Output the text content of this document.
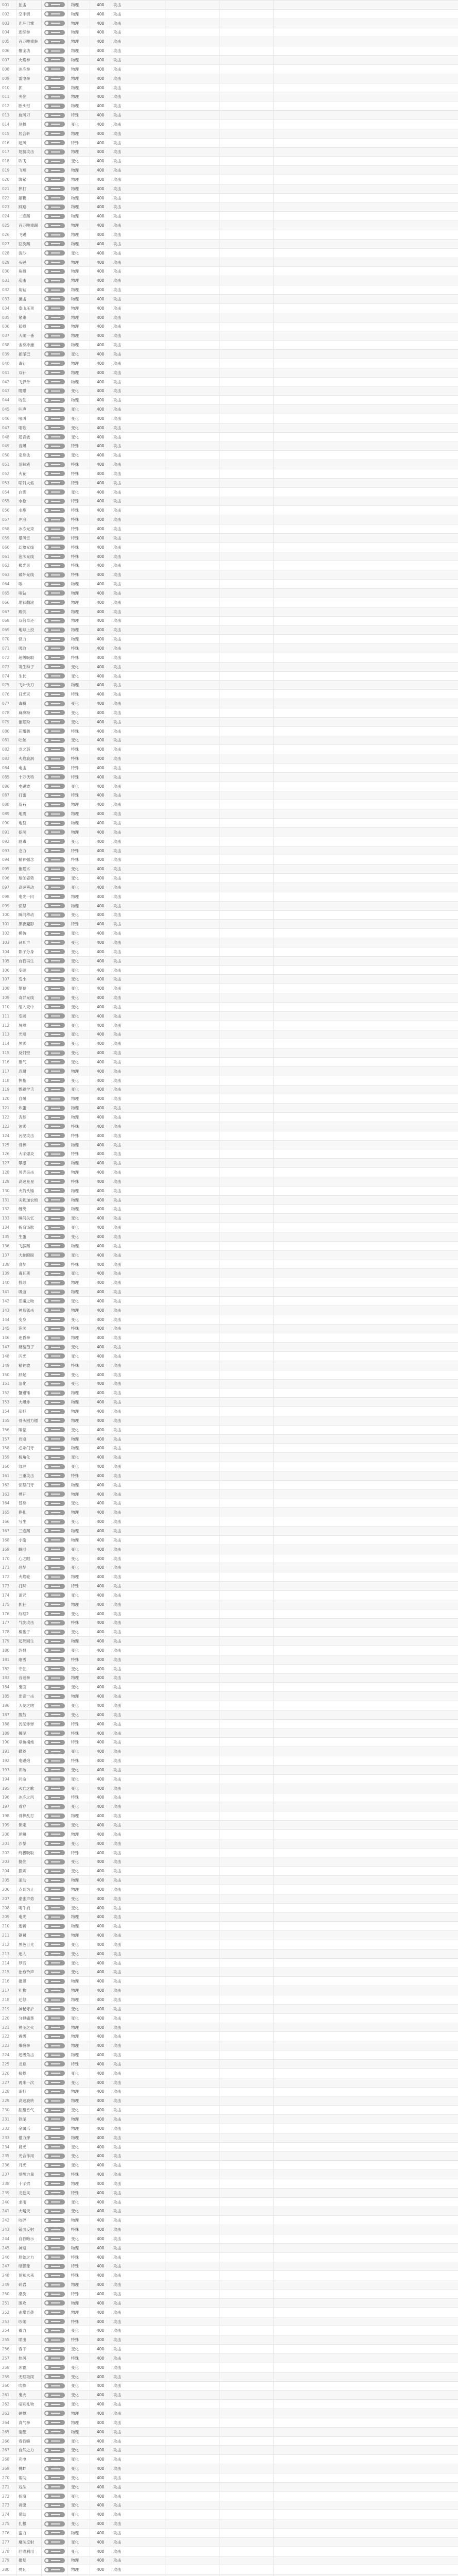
001	拍击		物理	400	攻击			
002	空手劈		物理	400	攻击			
003	连环巴掌		物理	400	攻击			
004	连续拳		物理	400	攻击			
005	百万吨重拳		物理	400	攻击			
006	聚宝功		物理	400	攻击			
007	火焰拳		物理	400	攻击			
008	冰冻拳		物理	400	攻击			
009	雷电拳		物理	400	攻击			
010	抓		物理	400	攻击			
011	夹住		物理	400	攻击			
012	断头钳		物理	400	攻击			
013	旋风刀		特殊	400	攻击			
014	剑舞		变化	400	攻击			
015	居合斩		物理	400	攻击			
016	起风		特殊	400	攻击			
017	翅膀攻击		物理	400	攻击			
018	吹飞		变化	400	攻击			
019	飞翔		物理	400	攻击			
020	绑紧		物理	400	攻击			
021	摔打		物理	400	攻击			
022	藤鞭		物理	400	攻击			
023	踩踏		物理	400	攻击			
024	二连踢		物理	400	攻击			
025	百万吨重踢		物理	400	攻击			
026	飞踢		物理	400	攻击			
027	回旋踢		物理	400	攻击			
028	泼沙		变化	400	攻击			
029	头锤		物理	400	攻击			
030	角撞		物理	400	攻击			
031	乱击		物理	400	攻击			
032	角钻		物理	400	攻击			
033	撞击		物理	400	攻击			
034	泰山压顶		物理	400	攻击			
035	紧束		物理	400	攻击			
036	猛撞		物理	400	攻击			
037	大闹一番		物理	400	攻击			
038	舍身冲撞		物理	400	攻击			
039	摇尾巴		变化	400	攻击			
040	毒针		物理	400	攻击			
041	双针		物理	400	攻击			
042	飞弹针		物理	400	攻击			
043	瞪眼		变化	400	攻击			
044	咬住		物理	400	攻击			
045	叫声		变化	400	攻击			
046	吼叫		变化	400	攻击			
047	唱歌		变化	400	攻击			
048	超音波		变化	400	攻击			
049	音爆		特殊	400	攻击			
050	定身法		变化	400	攻击			
051	溶解液		特殊	400	攻击			
052	火花		特殊	400	攻击			
053	喷射火焰		特殊	400	攻击			
054	白雾		变化	400	攻击			
055	水枪		特殊	400	攻击			
056	水炮		特殊	400	攻击			
057	冲浪		特殊	400	攻击			
058	冰冻光束		特殊	400	攻击			
059	暴风雪		特殊	400	攻击			
060	幻象光线		特殊	400	攻击			
061	泡沫光线		特殊	400	攻击			
062	极光束		特殊	400	攻击			
063	破坏光线		特殊	400	攻击			
064	啄		物理	400	攻击			
065	啄钻		物理	400	攻击			
066	地狱翻滚		物理	400	攻击			
067	踢倒		物理	400	攻击			
068	双倍奉还		物理	400	攻击			
069	地球上投		物理	400	攻击			
070	怪力		物理	400	攻击			
071	吸取		特殊	400	攻击			
072	超级吸取		特殊	400	攻击			
073	寄生种子		变化	400	攻击			
074	生长		变化	400	攻击			
075	飞叶快刀		物理	400	攻击			
076	日光束		特殊	400	攻击			
077	毒粉		变化	400	攻击			
078	麻痹粉		变化	400	攻击			
079	催眠粉		变化	400	攻击			
080	花瓣舞		特殊	400	攻击			
081	吐丝		变化	400	攻击			
082	龙之怒		特殊	400	攻击			
083	火焰旋涡		特殊	400	攻击			
084	电击		特殊	400	攻击			
085	十万伏特		特殊	400	攻击			
086	电磁波		变化	400	攻击			
087	打雷		特殊	400	攻击			
088	落石		物理	400	攻击			
089	地震		物理	400	攻击			
090	地裂		物理	400	攻击			
091	挖洞		物理	400	攻击			
092	剧毒		变化	400	攻击			
093	念力		特殊	400	攻击			
094	精神强念		特殊	400	攻击			
095	催眠术		变化	400	攻击			
096	瑜伽姿势		变化	400	攻击			
097	高速移动		变化	400	攻击			
098	电光一闪		物理	400	攻击			
099	愤怒		物理	400	攻击			
100	瞬间移动		变化	400	攻击			
101	黑夜魔影		特殊	400	攻击			
102	模仿		变化	400	攻击			
103	刺耳声		变化	400	攻击			
104	影子分身		变化	400	攻击			
105	自我再生		变化	400	攻击			
106	变硬		变化	400	攻击			
107	变小		变化	400	攻击			
108	烟幕		变化	400	攻击			
109	奇异光线		变化	400	攻击			
110	缩入壳中		变化	400	攻击			
111	变圆		变化	400	攻击			
112	屏障		变化	400	攻击			
113	光墙		变化	400	攻击			
114	黑雾		变化	400	攻击			
115	反射壁		变化	400	攻击			
116	聚气		变化	400	攻击			
117	忍耐		物理	400	攻击			
118	挥指		变化	400	攻击			
119	鹦鹉学舌		变化	400	攻击			
120	自爆		物理	400	攻击			
121	炸蛋		物理	400	攻击			
122	舌舔		物理	400	攻击			
123	浊雾		特殊	400	攻击			
124	污泥攻击		特殊	400	攻击			
125	骨棒		物理	400	攻击			
126	大字爆炎		特殊	400	攻击			
127	攀瀑		物理	400	攻击			
128	贝壳夹击		物理	400	攻击			
129	高速星星		特殊	400	攻击			
130	火箭头锤		物理	400	攻击			
131	尖刺加农炮		物理	400	攻击			
132	缠绕		物理	400	攻击			
133	瞬间失忆		变化	400	攻击			
134	折弯汤匙		变化	400	攻击			
135	生蛋		变化	400	攻击			
136	飞膝踢		物理	400	攻击			
137	大蛇瞪眼		变化	400	攻击			
138	食梦		特殊	400	攻击			
139	毒瓦斯		变化	400	攻击			
140	投球		物理	400	攻击			
141	吸血		物理	400	攻击			
142	恶魔之吻		变化	400	攻击			
143	神鸟猛击		物理	400	攻击			
144	变身		变化	400	攻击			
145	泡沫		特殊	400	攻击			
146	迷昏拳		物理	400	攻击			
147	蘑菇孢子		变化	400	攻击			
148	闪光		变化	400	攻击			
149	精神波		特殊	400	攻击			
150	跃起		变化	400	攻击			
151	溶化		变化	400	攻击			
152	蟹钳锤		物理	400	攻击			
153	大爆炸		物理	400	攻击			
154	乱抓		物理	400	攻击			
155	骨头回力镖		物理	400	攻击			
156	睡觉		变化	400	攻击			
157	岩崩		物理	400	攻击			
158	必杀门牙		物理	400	攻击			
159	棱角化		变化	400	攻击			
160	纹理		变化	400	攻击			
161	三重攻击		特殊	400	攻击			
162	愤怒门牙		物理	400	攻击			
163	劈开		物理	400	攻击			
164	替身		变化	400	攻击			
165	挣扎		物理	400	攻击			
166	写生		变化	400	攻击			
167	三连踢		物理	400	攻击			
168	小偷		物理	400	攻击			
169	蛛网		变化	400	攻击			
170	心之眼		变化	400	攻击			
171	恶梦		变化	400	攻击			
172	火焰轮		物理	400	攻击			
173	打鼾		特殊	400	攻击			
174	诅咒		变化	400	攻击			
175	抓狂		物理	400	攻击			
176	纹理2		变化	400	攻击			
177	气旋攻击		特殊	400	攻击			
178	棉孢子		变化	400	攻击			
179	起死回生		物理	400	攻击			
180	怨恨		变化	400	攻击			
181	细雪		特殊	400	攻击			
182	守住		变化	400	攻击			
183	音速拳		物理	400	攻击			
184	鬼面		变化	400	攻击			
185	出奇一击		物理	400	攻击			
186	天使之吻		变化	400	攻击			
187	腹鼓		变化	400	攻击			
188	污泥炸弹		特殊	400	攻击			
189	掷泥		特殊	400	攻击			
190	章鱼桶炮		特殊	400	攻击			
191	撒菱		变化	400	攻击			
192	电磁炮		特殊	400	攻击			
193	识破		变化	400	攻击			
194	同命		变化	400	攻击			
195	灭亡之歌		变化	400	攻击			
196	冰冻之风		特殊	400	攻击			
197	看穿		变化	400	攻击			
198	骨棒乱打		物理	400	攻击			
199	锁定		变化	400	攻击			
200	逆鳞		物理	400	攻击			
201	沙暴		变化	400	攻击			
202	终极吸取		特殊	400	攻击			
203	挺住		变化	400	攻击			
204	撒娇		变化	400	攻击			
205	滚动		物理	400	攻击			
206	点到为止		物理	400	攻击			
207	虚张声势		变化	400	攻击			
208	喝牛奶		变化	400	攻击			
209	电光		物理	400	攻击			
210	连斩		物理	400	攻击			
211	钢翼		物理	400	攻击			
212	黑色目光		变化	400	攻击			
213	迷人		变化	400	攻击			
214	梦话		变化	400	攻击			
215	治愈铃声		变化	400	攻击			
216	报恩		物理	400	攻击			
217	礼物		物理	400	攻击			
218	迁怒		物理	400	攻击			
219	神秘守护		变化	400	攻击			
220	分担痛楚		变化	400	攻击			
221	神圣之火		物理	400	攻击			
222	震级		物理	400	攻击			
223	爆裂拳		物理	400	攻击			
224	超级角击		物理	400	攻击			
225	龙息		特殊	400	攻击			
226	接棒		变化	400	攻击			
227	再来一次		变化	400	攻击			
228	追打		物理	400	攻击			
229	高速旋转		物理	400	攻击			
230	甜甜香气		变化	400	攻击			
231	铁尾		物理	400	攻击			
232	金属爪		物理	400	攻击			
233	借力摔		物理	400	攻击			
234	晨光		变化	400	攻击			
235	光合作用		变化	400	攻击			
236	月光		变化	400	攻击			
237	觉醒力量		特殊	400	攻击			
238	十字劈		物理	400	攻击			
239	龙卷风		特殊	400	攻击			
240	求雨		变化	400	攻击			
241	大晴天		变化	400	攻击			
242	咬碎		物理	400	攻击			
243	镜面反射		特殊	400	攻击			
244	自我暗示		变化	400	攻击			
245	神速		物理	400	攻击			
246	原始之力		特殊	400	攻击			
247	暗影球		特殊	400	攻击			
248	预知未来		特殊	400	攻击			
249	碎岩		物理	400	攻击			
250	潮旋		特殊	400	攻击			
251	围攻		物理	400	攻击			
252	击掌奇袭		物理	400	攻击			
253	吵闹		特殊	400	攻击			
254	蓄力		变化	400	攻击			
255	喷出		特殊	400	攻击			
256	吞下		变化	400	攻击			
257	热风		特殊	400	攻击			
258	冰雹		变化	400	攻击			
259	无理取闹		变化	400	攻击			
260	吹捧		变化	400	攻击			
261	鬼火		变化	400	攻击			
262	临别礼物		变化	400	攻击			
263	硬撑		物理	400	攻击			
264	真气拳		物理	400	攻击			
265	清醒		物理	400	攻击			
266	看我嘛		变化	400	攻击			
267	自然之力		变化	400	攻击			
268	充电		变化	400	攻击			
269	挑衅		变化	400	攻击			
270	帮助		变化	400	攻击			
271	戏法		变化	400	攻击			
272	扮演		变化	400	攻击			
273	祈愿		变化	400	攻击			
274	借助		变化	400	攻击			
275	扎根		变化	400	攻击			
276	蛮力		物理	400	攻击			
277	魔法反射		变化	400	攻击			
278	回收利用		变化	400	攻击			
279	报复		物理	400	攻击			
280	劈瓦		物理	400	攻击			
